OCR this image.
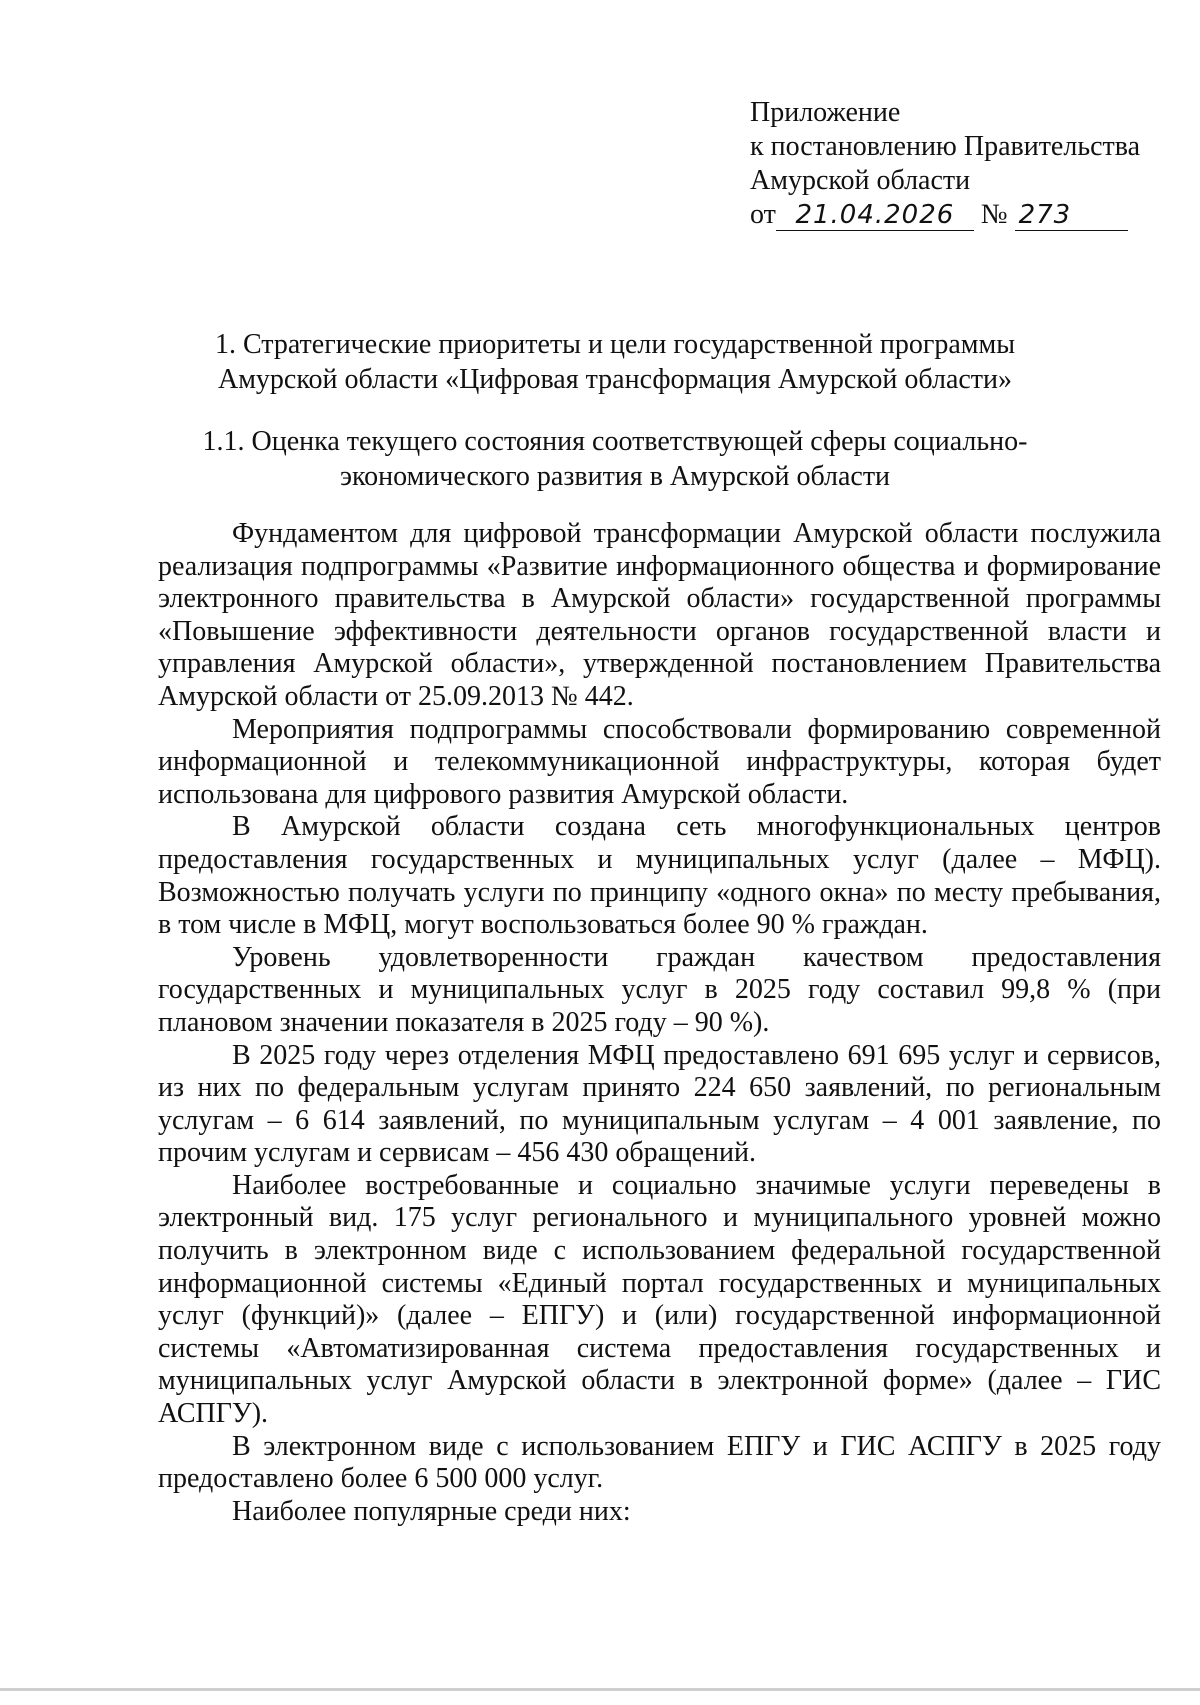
Приложение
к постановлению Правительства
Амурской области
от 21.04.2026 № 273
1. Стратегические приоритеты и цели государственной программы
Амурской области «Цифровая трансформация Амурской области»
1.1. Оценка текущего состояния соответствующей сферы социально-
экономического развития в Амурской области

Фундаментом для цифровой трансформации Амурской области послужила реализация подпрограммы «Развитие информационного общества и формирование электронного правительства в Амурской области» государственной программы «Повышение эффективности деятельности органов государственной власти и управления Амурской области», утвержденной постановлением Правительства Амурской области от 25.09.2013 № 442.

Мероприятия подпрограммы способствовали формированию современной информационной и телекоммуникационной инфраструктуры, которая будет использована для цифрового развития Амурской области.

В Амурской области создана сеть многофункциональных центров предоставления государственных и муниципальных услуг (далее – МФЦ). Возможностью получать услуги по принципу «одного окна» по месту пребывания, в том числе в МФЦ, могут воспользоваться более 90 % граждан.

Уровень удовлетворенности граждан качеством предоставления государственных и муниципальных услуг в 2025 году составил 99,8 % (при плановом значении показателя в 2025 году – 90 %).

В 2025 году через отделения МФЦ предоставлено 691 695 услуг и сервисов, из них по федеральным услугам принято 224 650 заявлений, по региональным услугам – 6 614 заявлений, по муниципальным услугам – 4 001 заявление, по прочим услугам и сервисам – 456 430 обращений.

Наиболее востребованные и социально значимые услуги переведены в электронный вид. 175 услуг регионального и муниципального уровней можно получить в электронном виде с использованием федеральной государственной информационной системы «Единый портал государственных и муниципальных услуг (функций)» (далее – ЕПГУ) и (или) государственной информационной системы «Автоматизированная система предоставления государственных и муниципальных услуг Амурской области в электронной форме» (далее – ГИС АСПГУ).

В электронном виде с использованием ЕПГУ и ГИС АСПГУ в 2025 году предоставлено более 6 500 000 услуг.

Наиболее популярные среди них:
